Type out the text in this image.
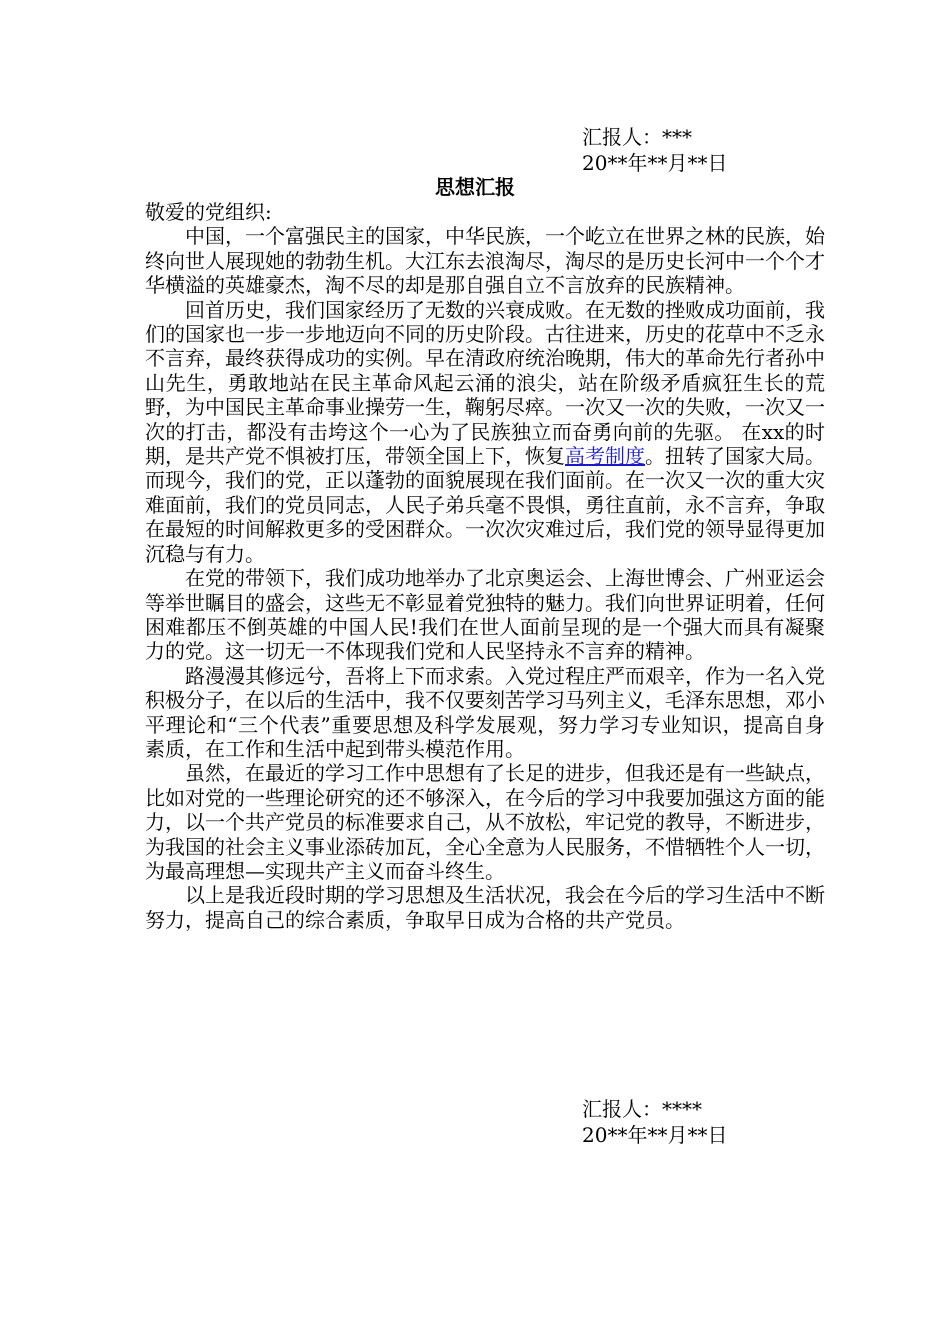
汇报人：***
20**年**月**日
思想汇报

敬爱的党组织:

中国，一个富强民主的国家，中华民族，一个屹立在世界之林的民族，始终向世人展现她的勃勃生机。大江东去浪淘尽，淘尽的是历史长河中一个个才华横溢的英雄豪杰，淘不尽的却是那自强自立不言放弃的民族精神。

回首历史，我们国家经历了无数的兴衰成败。在无数的挫败成功面前，我们的国家也一步一步地迈向不同的历史阶段。古往进来，历史的花草中不乏永不言弃，最终获得成功的实例。早在清政府统治晚期，伟大的革命先行者孙中山先生，勇敢地站在民主革命风起云涌的浪尖，站在阶级矛盾疯狂生长的荒野，为中国民主革命事业操劳一生，鞠躬尽瘁。一次又一次的失败，一次又一次的打击，都没有击垮这个一心为了民族独立而奋勇向前的先驱。 在xx的时期，是共产党不惧被打压，带领全国上下，恢复高考制度。扭转了国家大局。而现今，我们的党，正以蓬勃的面貌展现在我们面前。在一次又一次的重大灾难面前，我们的党员同志，人民子弟兵毫不畏惧，勇往直前，永不言弃，争取在最短的时间解救更多的受困群众。一次次灾难过后，我们党的领导显得更加沉稳与有力。

在党的带领下，我们成功地举办了北京奥运会、上海世博会、广州亚运会等举世瞩目的盛会，这些无不彰显着党独特的魅力。我们向世界证明着，任何困难都压不倒英雄的中国人民!我们在世人面前呈现的是一个强大而具有凝聚力的党。这一切无一不体现我们党和人民坚持永不言弃的精神。

路漫漫其修远兮，吾将上下而求索。入党过程庄严而艰辛，作为一名入党积极分子，在以后的生活中，我不仅要刻苦学习马列主义，毛泽东思想，邓小平理论和“三个代表”重要思想及科学发展观，努力学习专业知识，提高自身素质，在工作和生活中起到带头模范作用。

虽然，在最近的学习工作中思想有了长足的进步，但我还是有一些缺点，比如对党的一些理论研究的还不够深入，在今后的学习中我要加强这方面的能力，以一个共产党员的标准要求自己，从不放松，牢记党的教导，不断进步，为我国的社会主义事业添砖加瓦，全心全意为人民服务，不惜牺牲个人一切，为最高理想—实现共产主义而奋斗终生。

以上是我近段时期的学习思想及生活状况，我会在今后的学习生活中不断努力，提高自己的综合素质，争取早日成为合格的共产党员。

汇报人：****
20**年**月**日
